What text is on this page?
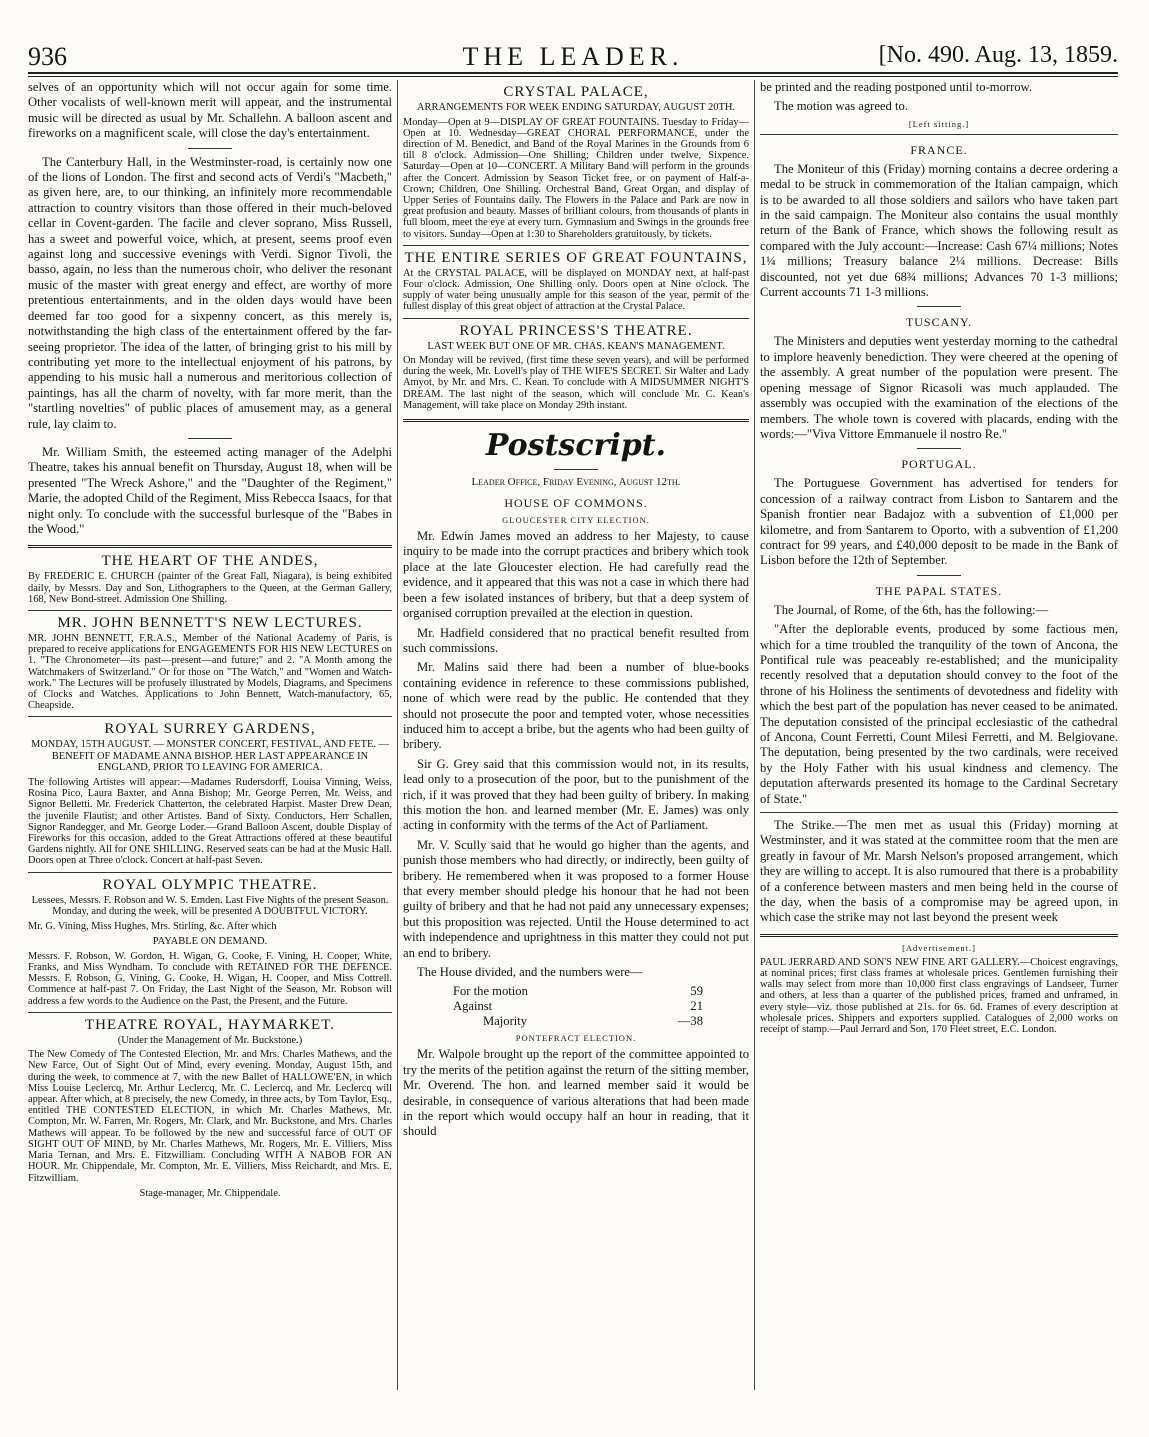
936	THE LEADER.	[No. 490. Aug. 13, 1859.

selves of an opportunity which will not occur again for some time. Other vocalists of well-known merit will appear, and the instrumental music will be directed as usual by Mr. Schallehn. A balloon ascent and fireworks on a magnificent scale, will close the day's entertainment.

The Canterbury Hall, in the Westminster-road, is certainly now one of the lions of London. The first and second acts of Verdi's "Macbeth," as given here, are, to our thinking, an infinitely more recommendable attraction to country visitors than those offered in their much-beloved cellar in Covent-garden. The facile and clever soprano, Miss Russell, has a sweet and powerful voice, which, at present, seems proof even against long and successive evenings with Verdi. Signor Tivoli, the basso, again, no less than the numerous choir, who deliver the resonant music of the master with great energy and effect, are worthy of more pretentious entertainments, and in the olden days would have been deemed far too good for a sixpenny concert, as this merely is, notwithstanding the high class of the entertainment offered by the far-seeing proprietor. The idea of the latter, of bringing grist to his mill by contributing yet more to the intellectual enjoyment of his patrons, by appending to his music hall a numerous and meritorious collection of paintings, has all the charm of novelty, with far more merit, than the "startling novelties" of public places of amusement may, as a general rule, lay claim to.

Mr. William Smith, the esteemed acting manager of the Adelphi Theatre, takes his annual benefit on Thursday, August 18, when will be presented "The Wreck Ashore," and the "Daughter of the Regiment," Marie, the adopted Child of the Regiment, Miss Rebecca Isaacs, for that night only. To conclude with the successful burlesque of the "Babes in the Wood."

THE HEART OF THE ANDES,

By FREDERIC E. CHURCH (painter of the Great Fall, Niagara), is being exhibited daily, by Messrs. Day and Son, Lithographers to the Queen, at the German Gallery, 168, New Bond-street. Admission One Shilling.

MR. JOHN BENNETT'S NEW LECTURES.

MR. JOHN BENNETT, F.R.A.S., Member of the National Academy of Paris, is prepared to receive applications for ENGAGEMENTS FOR HIS NEW LECTURES on 1. "The Chronometer—its past—present—and future;" and 2. "A Month among the Watchmakers of Switzerland." Or for those on "The Watch," and "Women and Watch-work." The Lectures will be profusely illustrated by Models, Diagrams, and Specimens of Clocks and Watches. Applications to John Bennett, Watch-manufactory, 65, Cheapside.

ROYAL SURREY GARDENS,

MONDAY, 15TH AUGUST. — MONSTER CONCERT, FESTIVAL, AND FETE. — BENEFIT OF MADAME ANNA BISHOP. HER LAST APPEARANCE IN ENGLAND, PRIOR TO LEAVING FOR AMERICA.

The following Artistes will appear:—Madames Rudersdorff, Louisa Vinning, Weiss, Rosina Pico, Laura Baxter, and Anna Bishop; Mr. George Perren, Mr. Weiss, and Signor Belletti. Mr. Frederick Chatterton, the celebrated Harpist. Master Drew Dean, the juvenile Flautist; and other Artistes. Band of Sixty. Conductors, Herr Schallen, Signor Randegger, and Mr. George Loder.—Grand Balloon Ascent, double Display of Fireworks for this occasion, added to the Great Attractions offered at these beautiful Gardens nightly. All for ONE SHILLING. Reserved seats can be had at the Music Hall. Doors open at Three o'clock. Concert at half-past Seven.

ROYAL OLYMPIC THEATRE.

Lessees, Messrs. F. Robson and W. S. Emden. Last Five Nights of the present Season. Monday, and during the week, will be presented A DOUBTFUL VICTORY.

Mr. G. Vining, Miss Hughes, Mrs. Stirling, &c. After which

PAYABLE ON DEMAND.

Messrs. F. Robson, W. Gordon, H. Wigan, G. Cooke, F. Vining, H. Cooper, White, Franks, and Miss Wyndham. To conclude with RETAINED FOR THE DEFENCE. Messrs. F. Robson, G. Vining, G. Cooke, H. Wigan, H. Cooper, and Miss Cottrell. Commence at half-past 7. On Friday, the Last Night of the Season, Mr. Robson will address a few words to the Audience on the Past, the Present, and the Future.

THEATRE ROYAL, HAYMARKET.
(Under the Management of Mr. Buckstone.)

The New Comedy of The Contested Election, Mr. and Mrs. Charles Mathews, and the New Farce, Out of Sight Out of Mind, every evening. Monday, August 15th, and during the week, to commence at 7, with the new Ballet of HALLOWE'EN, in which Miss Louise Leclercq, Mr. Arthur Leclercq, Mr. C. Leclercq, and Mr. Leclercq will appear. After which, at 8 precisely, the new Comedy, in three acts, by Tom Taylor, Esq., entitled THE CONTESTED ELECTION, in which Mr. Charles Mathews, Mr. Compton, Mr. W. Farren, Mr. Rogers, Mr. Clark, and Mr. Buckstone, and Mrs. Charles Mathews will appear. To be followed by the new and successful farce of OUT OF SIGHT OUT OF MIND, by Mr. Charles Mathews, Mr. Rogers, Mr. E. Villiers, Miss Maria Ternan, and Mrs. E. Fitzwilliam. Concluding WITH A NABOB FOR AN HOUR. Mr. Chippendale, Mr. Compton, Mr. E. Villiers, Miss Reichardt, and Mrs. E. Fitzwilliam.

Stage-manager, Mr. Chippendale.
CRYSTAL PALACE,
ARRANGEMENTS FOR WEEK ENDING SATURDAY, AUGUST 20TH.

Monday—Open at 9—DISPLAY OF GREAT FOUNTAINS. Tuesday to Friday—Open at 10. Wednesday—GREAT CHORAL PERFORMANCE, under the direction of M. Benedict, and Band of the Royal Marines in the Grounds from 6 till 8 o'clock. Admission—One Shilling; Children under twelve, Sixpence. Saturday—Open at 10—CONCERT. A Military Band will perform in the grounds after the Concert. Admission by Season Ticket free, or on payment of Half-a-Crown; Children, One Shilling. Orchestral Band, Great Organ, and display of Upper Series of Fountains daily. The Flowers in the Palace and Park are now in great profusion and beauty. Masses of brilliant colours, from thousands of plants in full bloom, meet the eye at every turn. Gymnasium and Swings in the grounds free to visitors. Sunday—Open at 1:30 to Shareholders gratuitously, by tickets.

THE ENTIRE SERIES OF GREAT FOUNTAINS,

At the CRYSTAL PALACE, will be displayed on MONDAY next, at half-past Four o'clock. Admission, One Shilling only. Doors open at Nine o'clock. The supply of water being unusually ample for this season of the year, permit of the fullest display of this great object of attraction at the Crystal Palace.

ROYAL PRINCESS'S THEATRE.
LAST WEEK BUT ONE OF MR. CHAS. KEAN'S MANAGEMENT.

On Monday will be revived, (first time these seven years), and will be performed during the week, Mr. Lovell's play of THE WIFE'S SECRET. Sir Walter and Lady Amyot, by Mr. and Mrs. C. Kean. To conclude with A MIDSUMMER NIGHT'S DREAM. The last night of the season, which will conclude Mr. C. Kean's Management, will take place on Monday 29th instant.

Postscript.
Leader Office, Friday Evening, August 12th.
HOUSE OF COMMONS.
GLOUCESTER CITY ELECTION.

Mr. Edwin James moved an address to her Majesty, to cause inquiry to be made into the corrupt practices and bribery which took place at the late Gloucester election. He had carefully read the evidence, and it appeared that this was not a case in which there had been a few isolated instances of bribery, but that a deep system of organised corruption prevailed at the election in question.

Mr. Hadfield considered that no practical benefit resulted from such commissions.

Mr. Malins said there had been a number of blue-books containing evidence in reference to these commissions published, none of which were read by the public. He contended that they should not prosecute the poor and tempted voter, whose necessities induced him to accept a bribe, but the agents who had been guilty of bribery.

Sir G. Grey said that this commission would not, in its results, lead only to a prosecution of the poor, but to the punishment of the rich, if it was proved that they had been guilty of bribery. In making this motion the hon. and learned member (Mr. E. James) was only acting in conformity with the terms of the Act of Parliament.

Mr. V. Scully said that he would go higher than the agents, and punish those members who had directly, or indirectly, been guilty of bribery. He remembered when it was proposed to a former House that every member should pledge his honour that he had not been guilty of bribery and that he had not paid any unnecessary expenses; but this proposition was rejected. Until the House determined to act with independence and uprightness in this matter they could not put an end to bribery.

The House divided, and the numbers were—

For the motion	59
Against	21
Majority	—38
PONTEFRACT ELECTION.

Mr. Walpole brought up the report of the committee appointed to try the merits of the petition against the return of the sitting member, Mr. Overend. The hon. and learned member said it would be desirable, in consequence of various alterations that had been made in the report which would occupy half an hour in reading, that it should

be printed and the reading postponed until to-morrow.

The motion was agreed to.

[Left sitting.]
FRANCE.

The Moniteur of this (Friday) morning contains a decree ordering a medal to be struck in commemoration of the Italian campaign, which is to be awarded to all those soldiers and sailors who have taken part in the said campaign. The Moniteur also contains the usual monthly return of the Bank of France, which shows the following result as compared with the July account:—Increase: Cash 67¼ millions; Notes 1¼ millions; Treasury balance 2¼ millions. Decrease: Bills discounted, not yet due 68¾ millions; Advances 70 1-3 millions; Current accounts 71 1-3 millions.

TUSCANY.

The Ministers and deputies went yesterday morning to the cathedral to implore heavenly benediction. They were cheered at the opening of the assembly. A great number of the population were present. The opening message of Signor Ricasoli was much applauded. The assembly was occupied with the examination of the elections of the members. The whole town is covered with placards, ending with the words:—"Viva Vittore Emmanuele il nostro Re."

PORTUGAL.

The Portuguese Government has advertised for tenders for concession of a railway contract from Lisbon to Santarem and the Spanish frontier near Badajoz with a subvention of £1,000 per kilometre, and from Santarem to Oporto, with a subvention of £1,200 contract for 99 years, and £40,000 deposit to be made in the Bank of Lisbon before the 12th of September.

THE PAPAL STATES.

The Journal, of Rome, of the 6th, has the following:—

"After the deplorable events, produced by some factious men, which for a time troubled the tranquility of the town of Ancona, the Pontifical rule was peaceably re-established; and the municipality recently resolved that a deputation should convey to the foot of the throne of his Holiness the sentiments of devotedness and fidelity with which the best part of the population has never ceased to be animated. The deputation consisted of the principal ecclesiastic of the cathedral of Ancona, Count Ferretti, Count Milesi Ferretti, and M. Belgiovane. The deputation, being presented by the two cardinals, were received by the Holy Father with his usual kindness and clemency. The deputation afterwards presented its homage to the Cardinal Secretary of State."

The Strike.—The men met as usual this (Friday) morning at Westminster, and it was stated at the committee room that the men are greatly in favour of Mr. Marsh Nelson's proposed arrangement, which they are willing to accept. It is also rumoured that there is a probability of a conference between masters and men being held in the course of the day, when the basis of a compromise may be agreed upon, in which case the strike may not last beyond the present week

[Advertisement.]

PAUL JERRARD AND SON'S NEW FINE ART GALLERY.—Choicest engravings, at nominal prices; first class frames at wholesale prices. Gentlemen furnishing their walls may select from more than 10,000 first class engravings of Landseer, Turner and others, at less than a quarter of the published prices, framed and unframed, in every style—viz. those published at 21s. for 6s. 6d. Frames of every description at wholesale prices. Shippers and exporters supplied. Catalogues of 2,000 works on receipt of stamp.—Paul Jerrard and Son, 170 Fleet street, E.C. London.
